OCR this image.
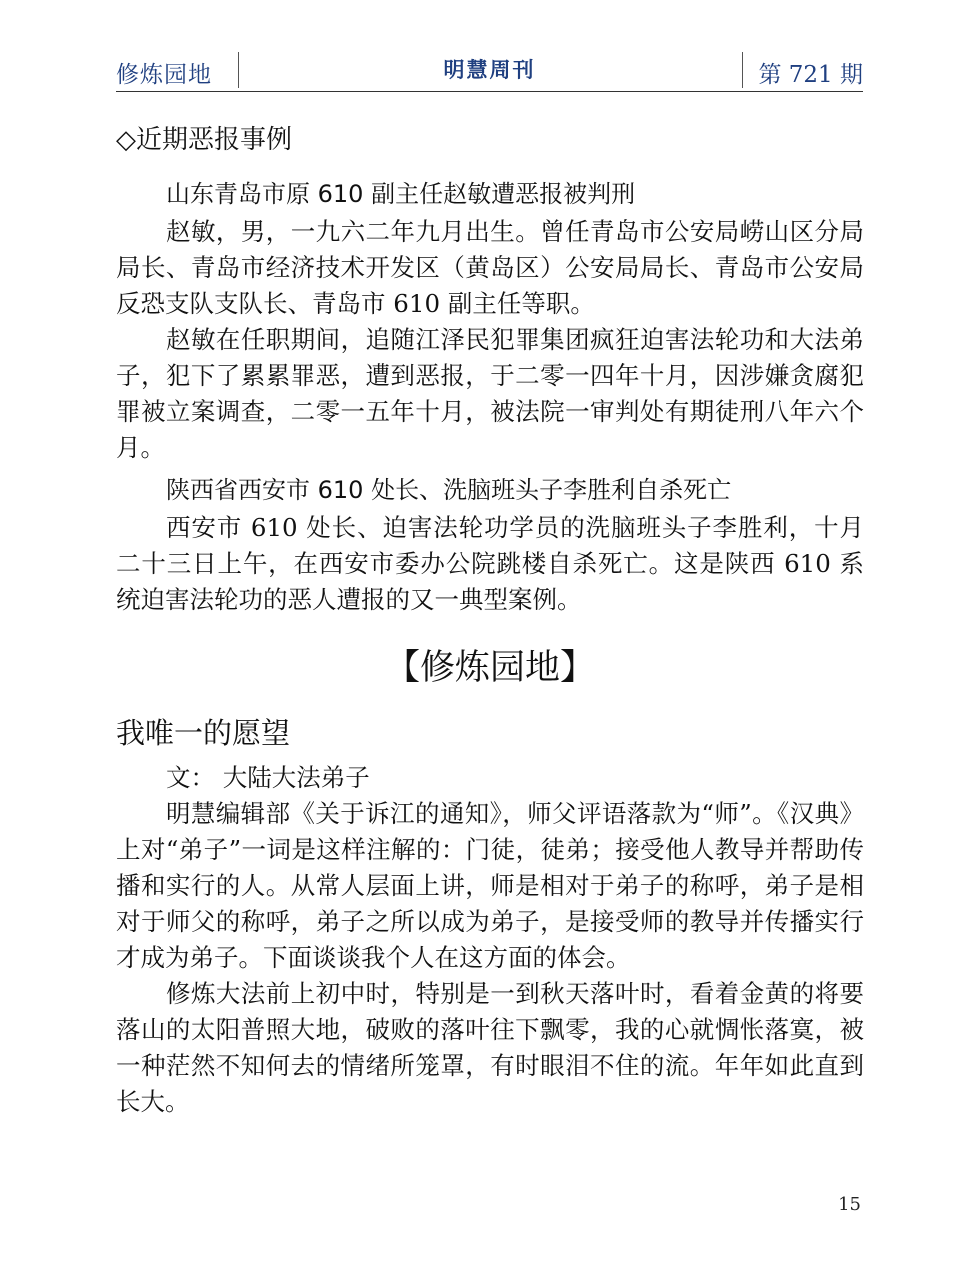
修炼园地	明慧周刊	第 721 期
◇近期恶报事例
山东青岛市原 610 副主任赵敏遭恶报被判刑

赵敏，男，一九六二年九月出生。曾任青岛市公安局崂山区分局局长、青岛市经济技术开发区（黄岛区）公安局局长、青岛市公安局反恐支队支队长、青岛市 610 副主任等职。

赵敏在任职期间，追随江泽民犯罪集团疯狂迫害法轮功和大法弟子，犯下了累累罪恶，遭到恶报，于二零一四年十月，因涉嫌贪腐犯罪被立案调查，二零一五年十月，被法院一审判处有期徒刑八年六个月。

陕西省西安市 610 处长、洗脑班头子李胜利自杀死亡

西安市 610 处长、迫害法轮功学员的洗脑班头子李胜利，十月二十三日上午，在西安市委办公院跳楼自杀死亡。这是陕西 610 系统迫害法轮功的恶人遭报的又一典型案例。

【修炼园地】
我唯一的愿望

文： 大陆大法弟子

明慧编辑部《关于诉江的通知》，师父评语落款为“师”。《汉典》上对“弟子”一词是这样注解的：门徒，徒弟；接受他人教导并帮助传播和实行的人。从常人层面上讲，师是相对于弟子的称呼，弟子是相对于师父的称呼，弟子之所以成为弟子，是接受师的教导并传播实行才成为弟子。下面谈谈我个人在这方面的体会。

修炼大法前上初中时，特别是一到秋天落叶时，看着金黄的将要落山的太阳普照大地，破败的落叶往下飘零，我的心就惆怅落寞，被一种茫然不知何去的情绪所笼罩，有时眼泪不住的流。年年如此直到长大。

15
